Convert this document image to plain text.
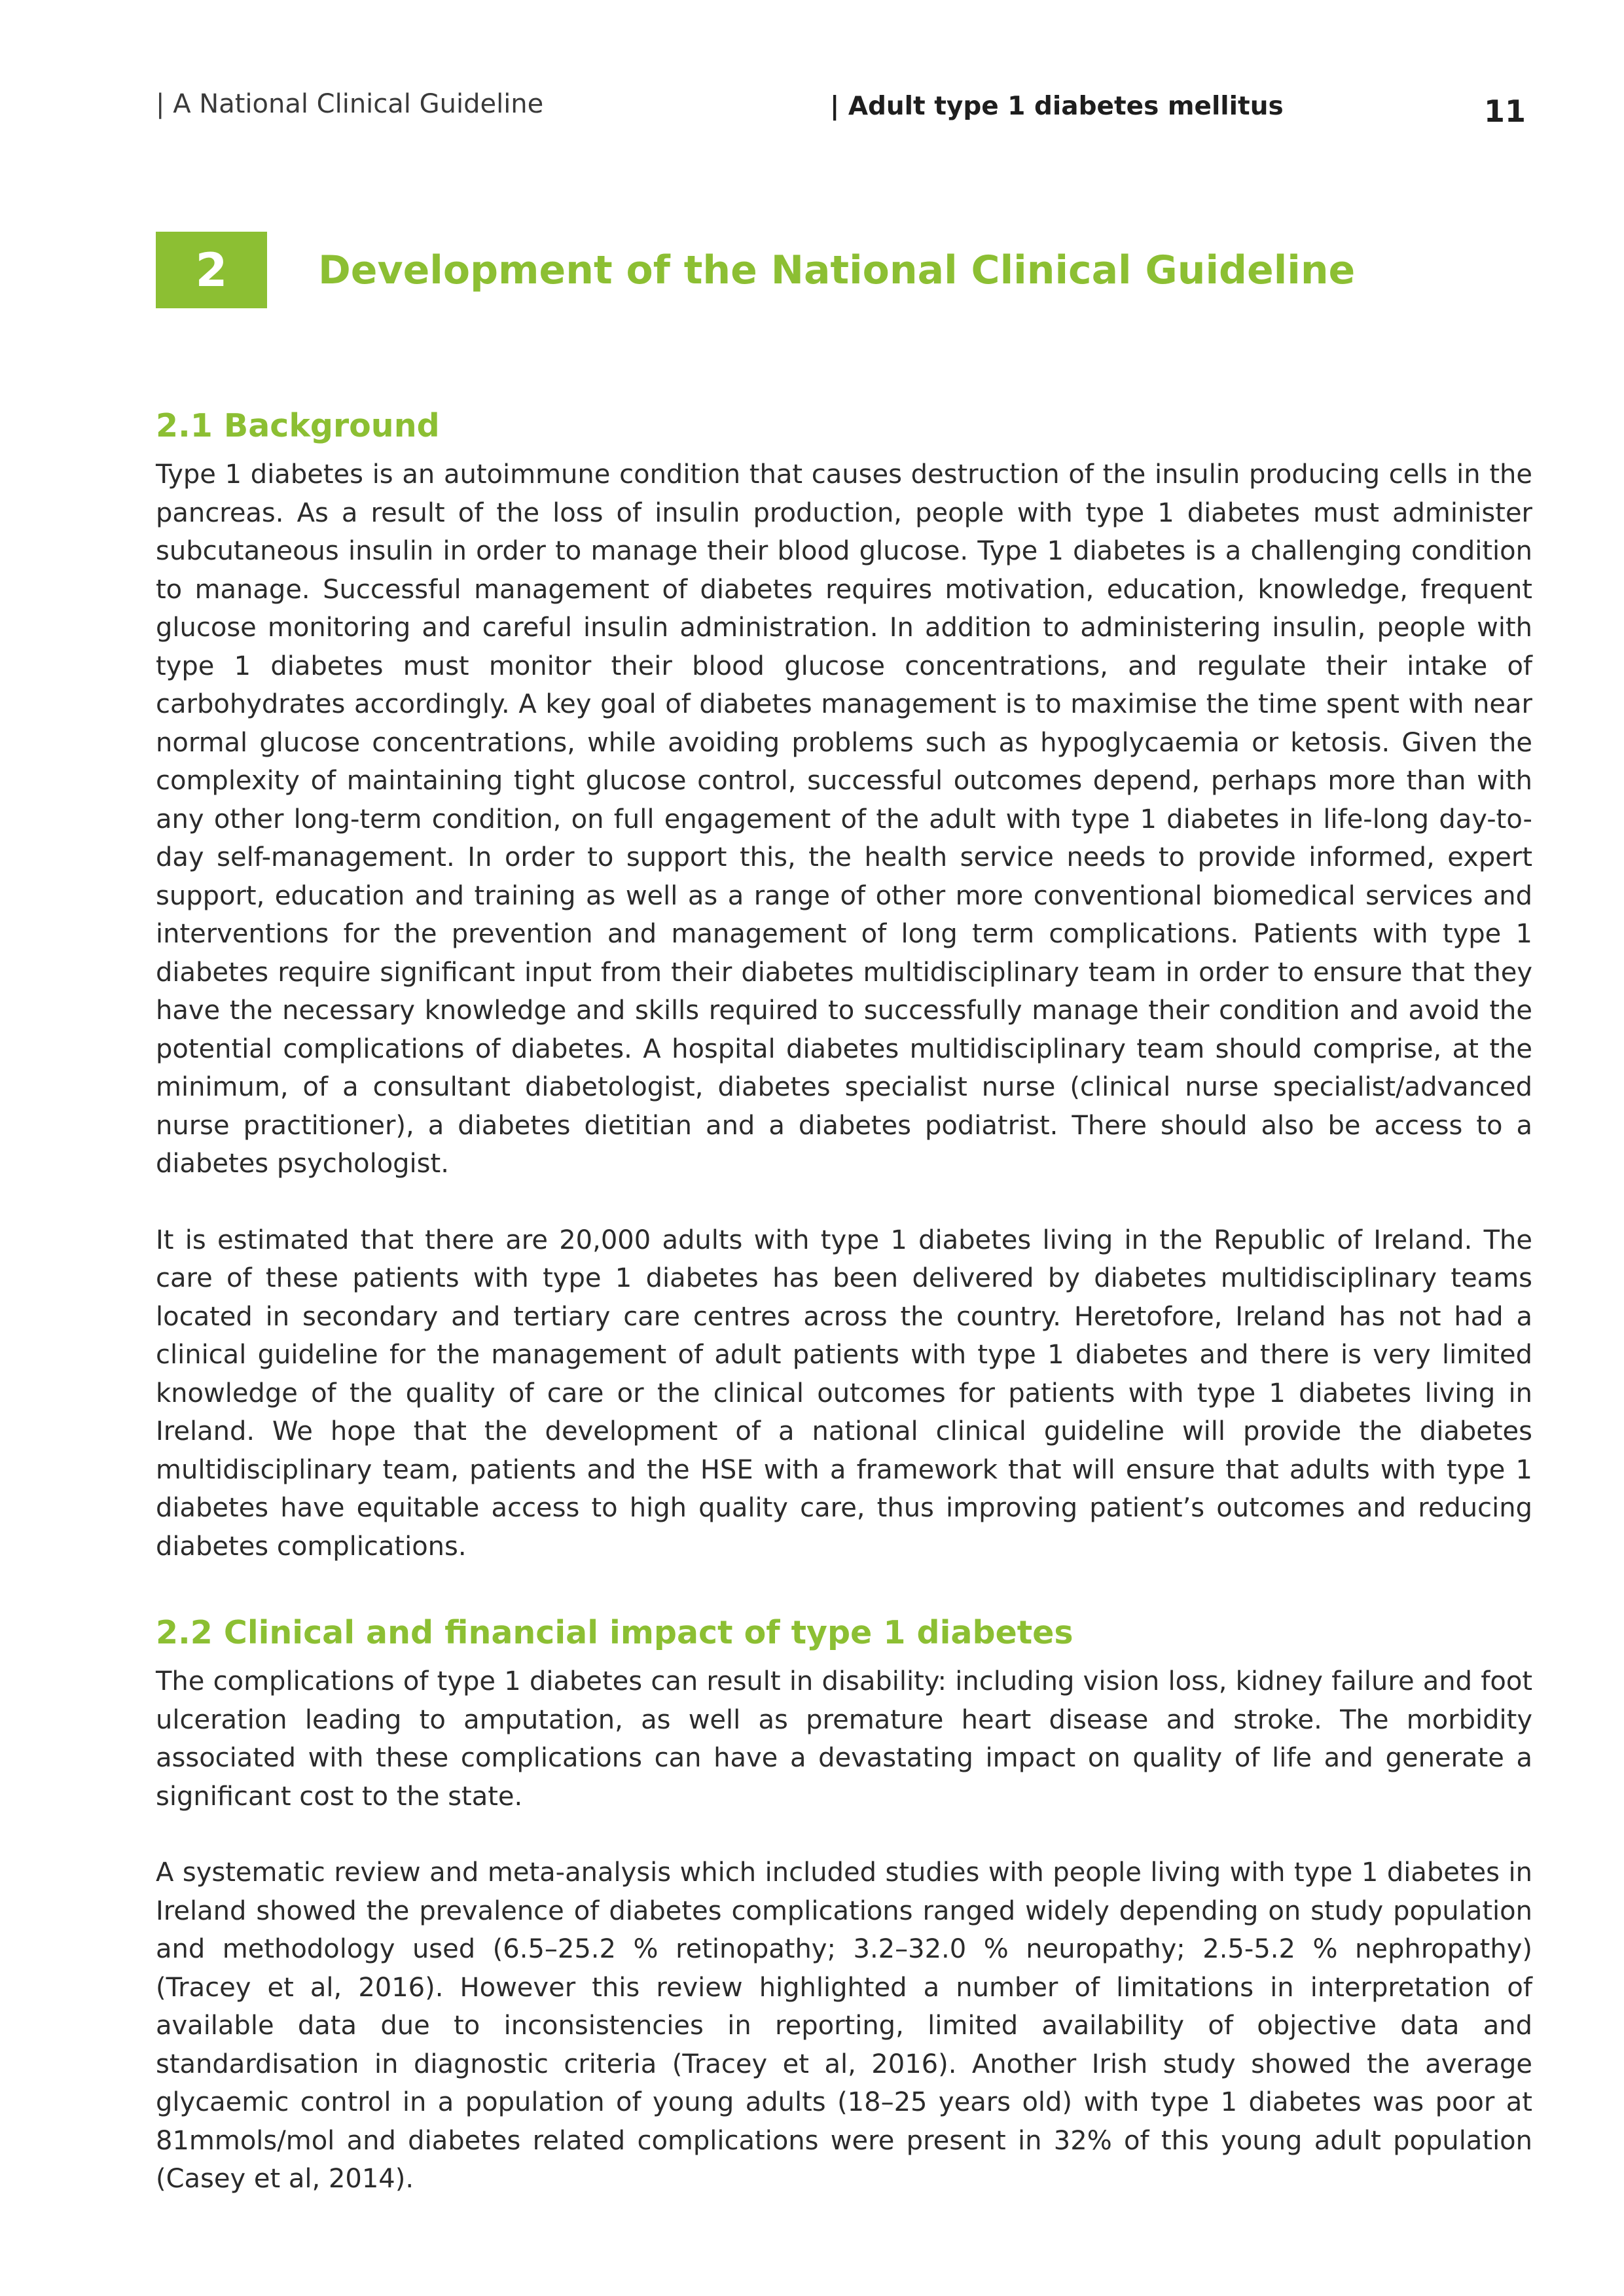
| A National Clinical Guideline	| Adult type 1 diabetes mellitus	11
2	Development of the National Clinical Guideline
2.1 Background

Type 1 diabetes is an autoimmune condition that causes destruction of the insulin producing cells in the pancreas. As a result of the loss of insulin production, people with type 1 diabetes must administer subcutaneous insulin in order to manage their blood glucose. Type 1 diabetes is a challenging condition to manage. Successful management of diabetes requires motivation, education, knowledge, frequent glucose monitoring and careful insulin administration. In addition to administering insulin, people with type 1 diabetes must monitor their blood glucose concentrations, and regulate their intake of carbohydrates accordingly. A key goal of diabetes management is to maximise the time spent with near normal glucose concentrations, while avoiding problems such as hypoglycaemia or ketosis. Given the complexity of maintaining tight glucose control, successful outcomes depend, perhaps more than with any other long-term condition, on full engagement of the adult with type 1 diabetes in life-long day-to-day self-management. In order to support this, the health service needs to provide informed, expert support, education and training as well as a range of other more conventional biomedical services and interventions for the prevention and management of long term complications. Patients with type 1 diabetes require significant input from their diabetes multidisciplinary team in order to ensure that they have the necessary knowledge and skills required to successfully manage their condition and avoid the potential complications of diabetes. A hospital diabetes multidisciplinary team should comprise, at the minimum, of a consultant diabetologist, diabetes specialist nurse (clinical nurse specialist/advanced nurse practitioner), a diabetes dietitian and a diabetes podiatrist. There should also be access to a diabetes psychologist.

It is estimated that there are 20,000 adults with type 1 diabetes living in the Republic of Ireland. The care of these patients with type 1 diabetes has been delivered by diabetes multidisciplinary teams located in secondary and tertiary care centres across the country. Heretofore, Ireland has not had a clinical guideline for the management of adult patients with type 1 diabetes and there is very limited knowledge of the quality of care or the clinical outcomes for patients with type 1 diabetes living in Ireland. We hope that the development of a national clinical guideline will provide the diabetes multidisciplinary team, patients and the HSE with a framework that will ensure that adults with type 1 diabetes have equitable access to high quality care, thus improving patient’s outcomes and reducing diabetes complications.

2.2 Clinical and financial impact of type 1 diabetes

The complications of type 1 diabetes can result in disability: including vision loss, kidney failure and foot ulceration leading to amputation, as well as premature heart disease and stroke. The morbidity associated with these complications can have a devastating impact on quality of life and generate a significant cost to the state.

A systematic review and meta-analysis which included studies with people living with type 1 diabetes in Ireland showed the prevalence of diabetes complications ranged widely depending on study population and methodology used (6.5–25.2 % retinopathy; 3.2–32.0 % neuropathy; 2.5-5.2 % nephropathy) (Tracey et al, 2016). However this review highlighted a number of limitations in interpretation of available data due to inconsistencies in reporting, limited availability of objective data and standardisation in diagnostic criteria (Tracey et al, 2016). Another Irish study showed the average glycaemic control in a population of young adults (18–25 years old) with type 1 diabetes was poor at 81mmols/mol and diabetes related complications were present in 32% of this young adult population (Casey et al, 2014).
